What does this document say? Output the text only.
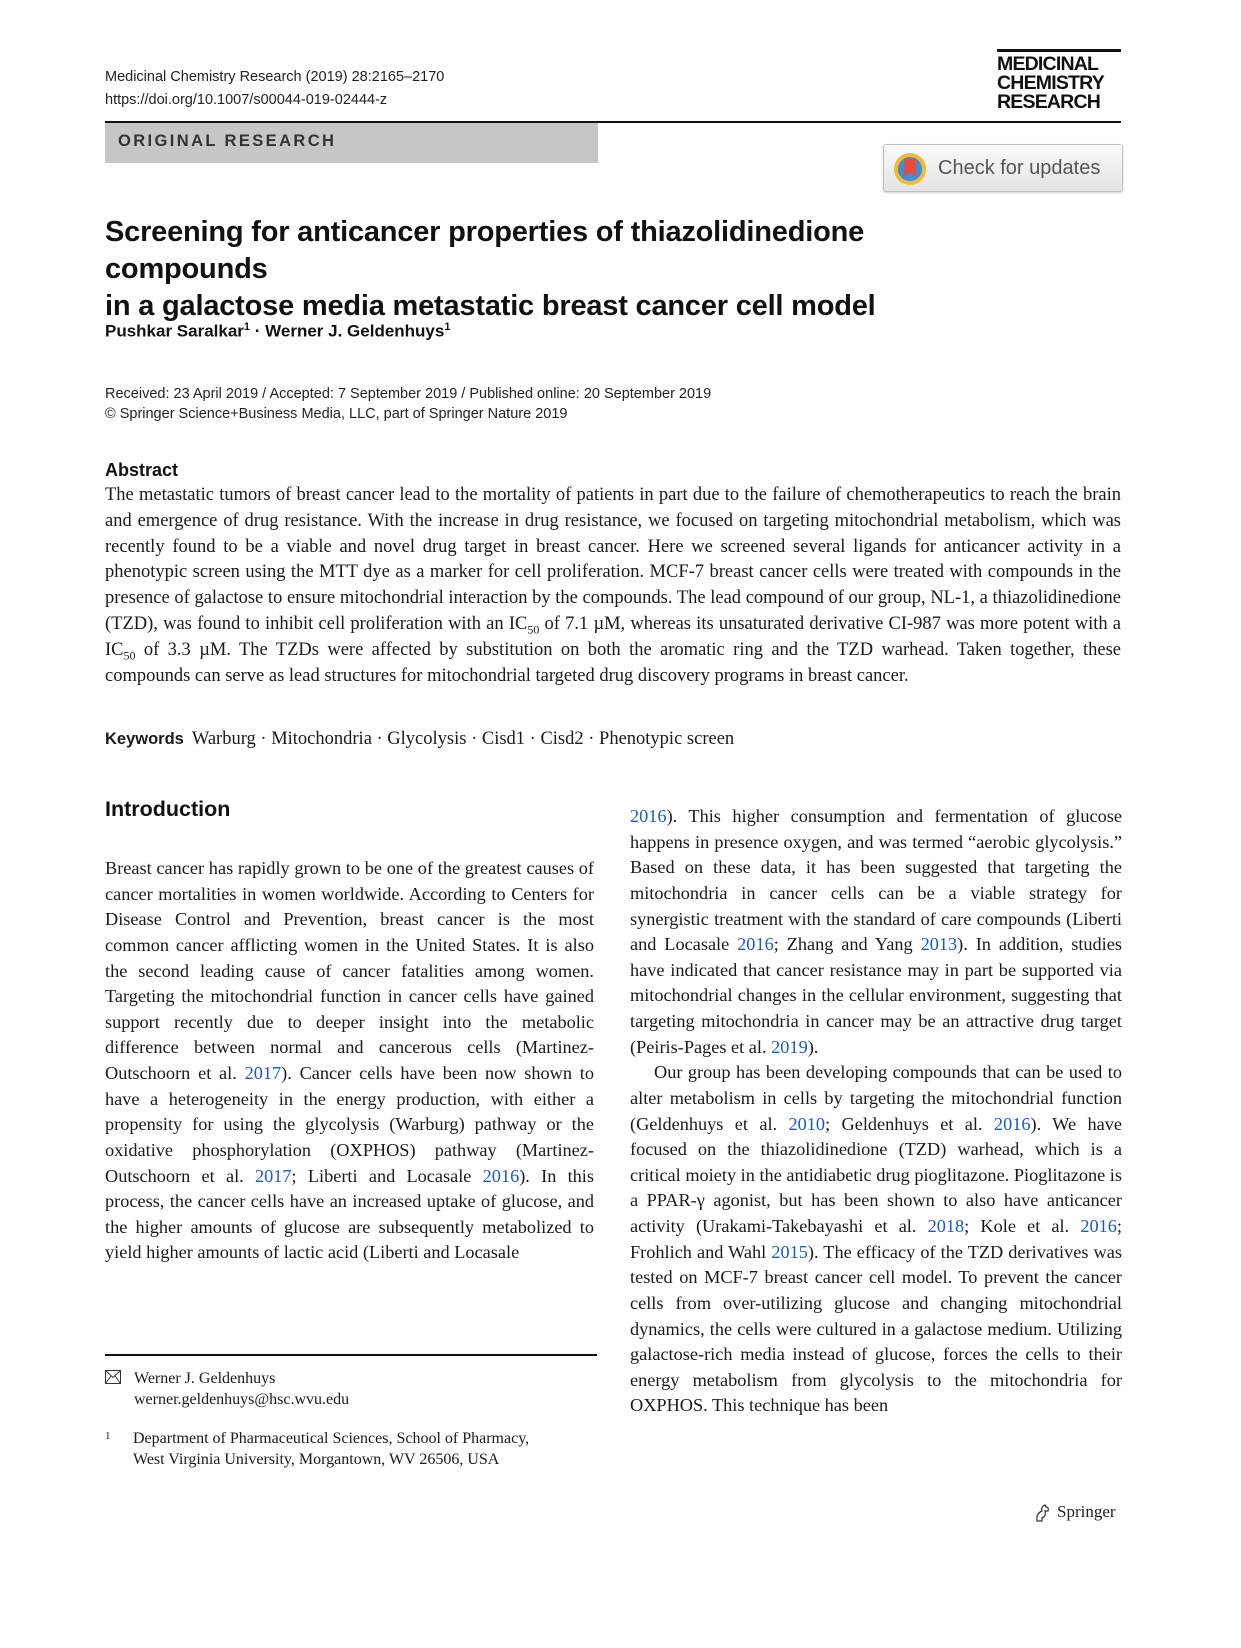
Medicinal Chemistry Research (2019) 28:2165–2170
https://doi.org/10.1007/s00044-019-02444-z
MEDICINAL
CHEMISTRY
RESEARCH
ORIGINAL RESEARCH
Check for updates
Screening for anticancer properties of thiazolidinedione compounds
in a galactose media metastatic breast cancer cell model
Pushkar Saralkar$^1$ · Werner J. Geldenhuys$^1$
Received: 23 April 2019 / Accepted: 7 September 2019 / Published online: 20 September 2019
© Springer Science+Business Media, LLC, part of Springer Nature 2019
Abstract

The metastatic tumors of breast cancer lead to the mortality of patients in part due to the failure of chemotherapeutics to reach the brain and emergence of drug resistance. With the increase in drug resistance, we focused on targeting mitochondrial metabolism, which was recently found to be a viable and novel drug target in breast cancer. Here we screened several ligands for anticancer activity in a phenotypic screen using the MTT dye as a marker for cell proliferation. MCF-7 breast cancer cells were treated with compounds in the presence of galactose to ensure mitochondrial interaction by the compounds. The lead compound of our group, NL-1, a thiazolidinedione (TZD), was found to inhibit cell proliferation with an $IC_{50}$ of 7.1 µM, whereas its unsaturated derivative CI-987 was more potent with a $IC_{50}$ of 3.3 µM. The TZDs were affected by substitution on both the aromatic ring and the TZD warhead. Taken together, these compounds can serve as lead structures for mitochondrial targeted drug discovery programs in breast cancer.

Keywords Warburg · Mitochondria · Glycolysis · Cisd1 · Cisd2 · Phenotypic screen
Introduction

Breast cancer has rapidly grown to be one of the greatest causes of cancer mortalities in women worldwide. According to Centers for Disease Control and Prevention, breast cancer is the most common cancer afflicting women in the United States. It is also the second leading cause of cancer fatalities among women. Targeting the mitochondrial function in cancer cells have gained support recently due to deeper insight into the metabolic difference between normal and cancerous cells (Martinez-Outschoorn et al. 2017). Cancer cells have been now shown to have a heterogeneity in the energy production, with either a propensity for using the glycolysis (Warburg) pathway or the oxidative phosphorylation (OXPHOS) pathway (Martinez-Outschoorn et al. 2017; Liberti and Locasale 2016). In this process, the cancer cells have an increased uptake of glucose, and the higher amounts of glucose are subsequently metabolized to yield higher amounts of lactic acid (Liberti and Locasale

2016). This higher consumption and fermentation of glucose happens in presence oxygen, and was termed “aerobic glycolysis.” Based on these data, it has been suggested that targeting the mitochondria in cancer cells can be a viable strategy for synergistic treatment with the standard of care compounds (Liberti and Locasale 2016; Zhang and Yang 2013). In addition, studies have indicated that cancer resistance may in part be supported via mitochondrial changes in the cellular environment, suggesting that targeting mitochondria in cancer may be an attractive drug target (Peiris-Pages et al. 2019).

Our group has been developing compounds that can be used to alter metabolism in cells by targeting the mitochondrial function (Geldenhuys et al. 2010; Geldenhuys et al. 2016). We have focused on the thiazolidinedione (TZD) warhead, which is a critical moiety in the antidiabetic drug pioglitazone. Pioglitazone is a PPAR-γ agonist, but has been shown to also have anticancer activity (Urakami-Takebayashi et al. 2018; Kole et al. 2016; Frohlich and Wahl 2015). The efficacy of the TZD derivatives was tested on MCF-7 breast cancer cell model. To prevent the cancer cells from over-utilizing glucose and changing mitochondrial dynamics, the cells were cultured in a galactose medium. Utilizing galactose-rich media instead of glucose, forces the cells to their energy metabolism from glycolysis to the mitochondria for OXPHOS. This technique has been

Werner J. Geldenhuys
werner.geldenhuys@hsc.wvu.edu
1 Department of Pharmaceutical Sciences, School of Pharmacy,
West Virginia University, Morgantown, WV 26506, USA
Springer
